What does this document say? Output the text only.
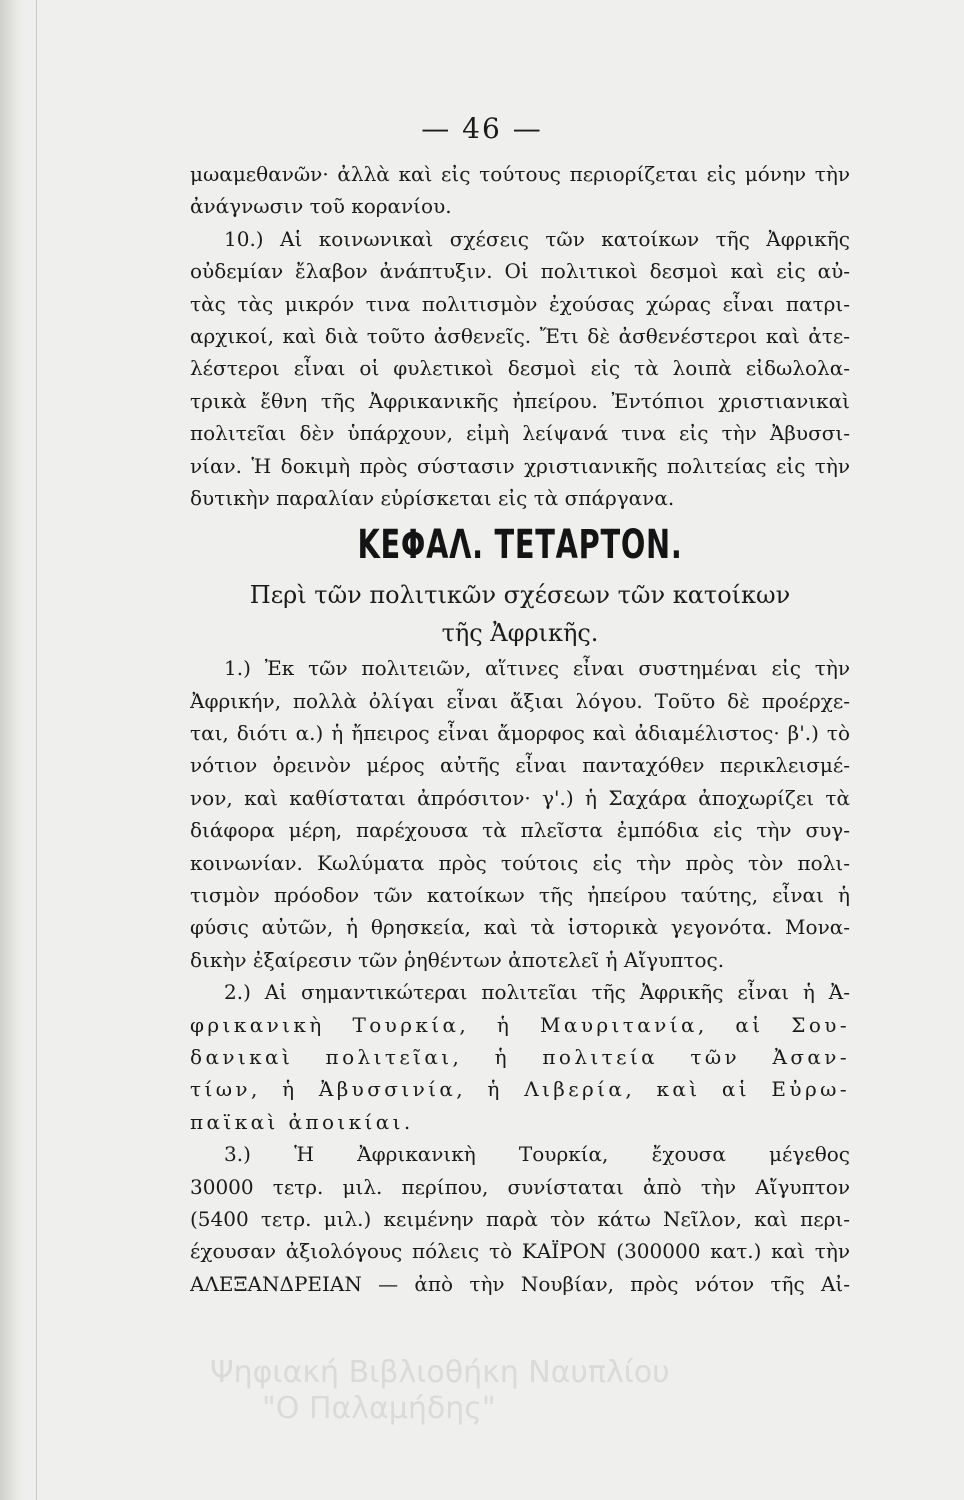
— 46 —
μωαμεθανῶν· ἀλλὰ καὶ εἰς τούτους περιορίζεται εἰς μόνην τὴν
ἀνάγνωσιν τοῦ κορανίου.
10.) Αἱ κοινωνικαὶ σχέσεις τῶν κατοίκων τῆς Ἀφρικῆς
οὐδεμίαν ἔλαβον ἀνάπτυξιν. Οἱ πολιτικοὶ δεσμοὶ καὶ εἰς αὐ-
τὰς τὰς μικρόν τινα πολιτισμὸν ἐχούσας χώρας εἶναι πατρι-
αρχικοί, καὶ διὰ τοῦτο ἀσθενεῖς. Ἔτι δὲ ἀσθενέστεροι καὶ ἀτε-
λέστεροι εἶναι οἱ φυλετικοὶ δεσμοὶ εἰς τὰ λοιπὰ εἰδωλολα-
τρικὰ ἔθνη τῆς Ἀφρικανικῆς ἠπείρου. Ἐντόπιοι χριστιανικαὶ
πολιτεῖαι δὲν ὑπάρχουν, εἰμὴ λείψανά τινα εἰς τὴν Ἀβυσσι-
νίαν. Ἡ δοκιμὴ πρὸς σύστασιν χριστιανικῆς πολιτείας εἰς τὴν
δυτικὴν παραλίαν εὑρίσκεται εἰς τὰ σπάργανα.
ΚΕΦΑΛ. ΤΕΤΑΡΤΟΝ.
Περὶ τῶν πολιτικῶν σχέσεων τῶν κατοίκων
τῆς Ἀφρικῆς.
1.) Ἐκ τῶν πολιτειῶν, αἵτινες εἶναι συστημέναι εἰς τὴν
Ἀφρικήν, πολλὰ ὀλίγαι εἶναι ἄξιαι λόγου. Τοῦτο δὲ προέρχε-
ται, διότι α.) ἡ ἤπειρος εἶναι ἄμορφος καὶ ἀδιαμέλιστος· β'.) τὸ
νότιον ὀρεινὸν μέρος αὐτῆς εἶναι πανταχόθεν περικλεισμέ-
νον, καὶ καθίσταται ἀπρόσιτον· γ'.) ἡ Σαχάρα ἀποχωρίζει τὰ
διάφορα μέρη, παρέχουσα τὰ πλεῖστα ἐμπόδια εἰς τὴν συγ-
κοινωνίαν. Κωλύματα πρὸς τούτοις εἰς τὴν πρὸς τὸν πολι-
τισμὸν πρόοδον τῶν κατοίκων τῆς ἠπείρου ταύτης, εἶναι ἡ
φύσις αὐτῶν, ἡ θρησκεία, καὶ τὰ ἱστορικὰ γεγονότα. Μονα-
δικὴν ἐξαίρεσιν τῶν ῥηθέντων ἀποτελεῖ ἡ Αἴγυπτος.
2.) Αἱ σημαντικώτεραι πολιτεῖαι τῆς Ἀφρικῆς εἶναι ἡ Ἀ-
φρικανικὴ Τουρκία, ἡ Μαυριτανία, αἱ Σου-
δανικαὶ πολιτεῖαι, ἡ πολιτεία τῶν Ἀσαν-
τίων, ἡ Ἀβυσσινία, ἡ Λιβερία, καὶ αἱ Εὐρω-
παϊκαὶ ἀποικίαι.
3.) Ἡ Ἀφρικανικὴ Τουρκία, ἔχουσα μέγεθος
30000 τετρ. μιλ. περίπου, συνίσταται ἀπὸ τὴν Αἴγυπτον
(5400 τετρ. μιλ.) κειμένην παρὰ τὸν κάτω Νεῖλον, καὶ περι-
έχουσαν ἀξιολόγους πόλεις τὸ ΚΑΪΡΟΝ (300000 κατ.) καὶ τὴν
ΑΛΕΞΑΝΔΡΕΙΑΝ — ἀπὸ τὴν Νουβίαν, πρὸς νότον τῆς Αἰ-
Ψηφιακή Βιβλιοθήκη Ναυπλίου
"Ο Παλαμήδης"
